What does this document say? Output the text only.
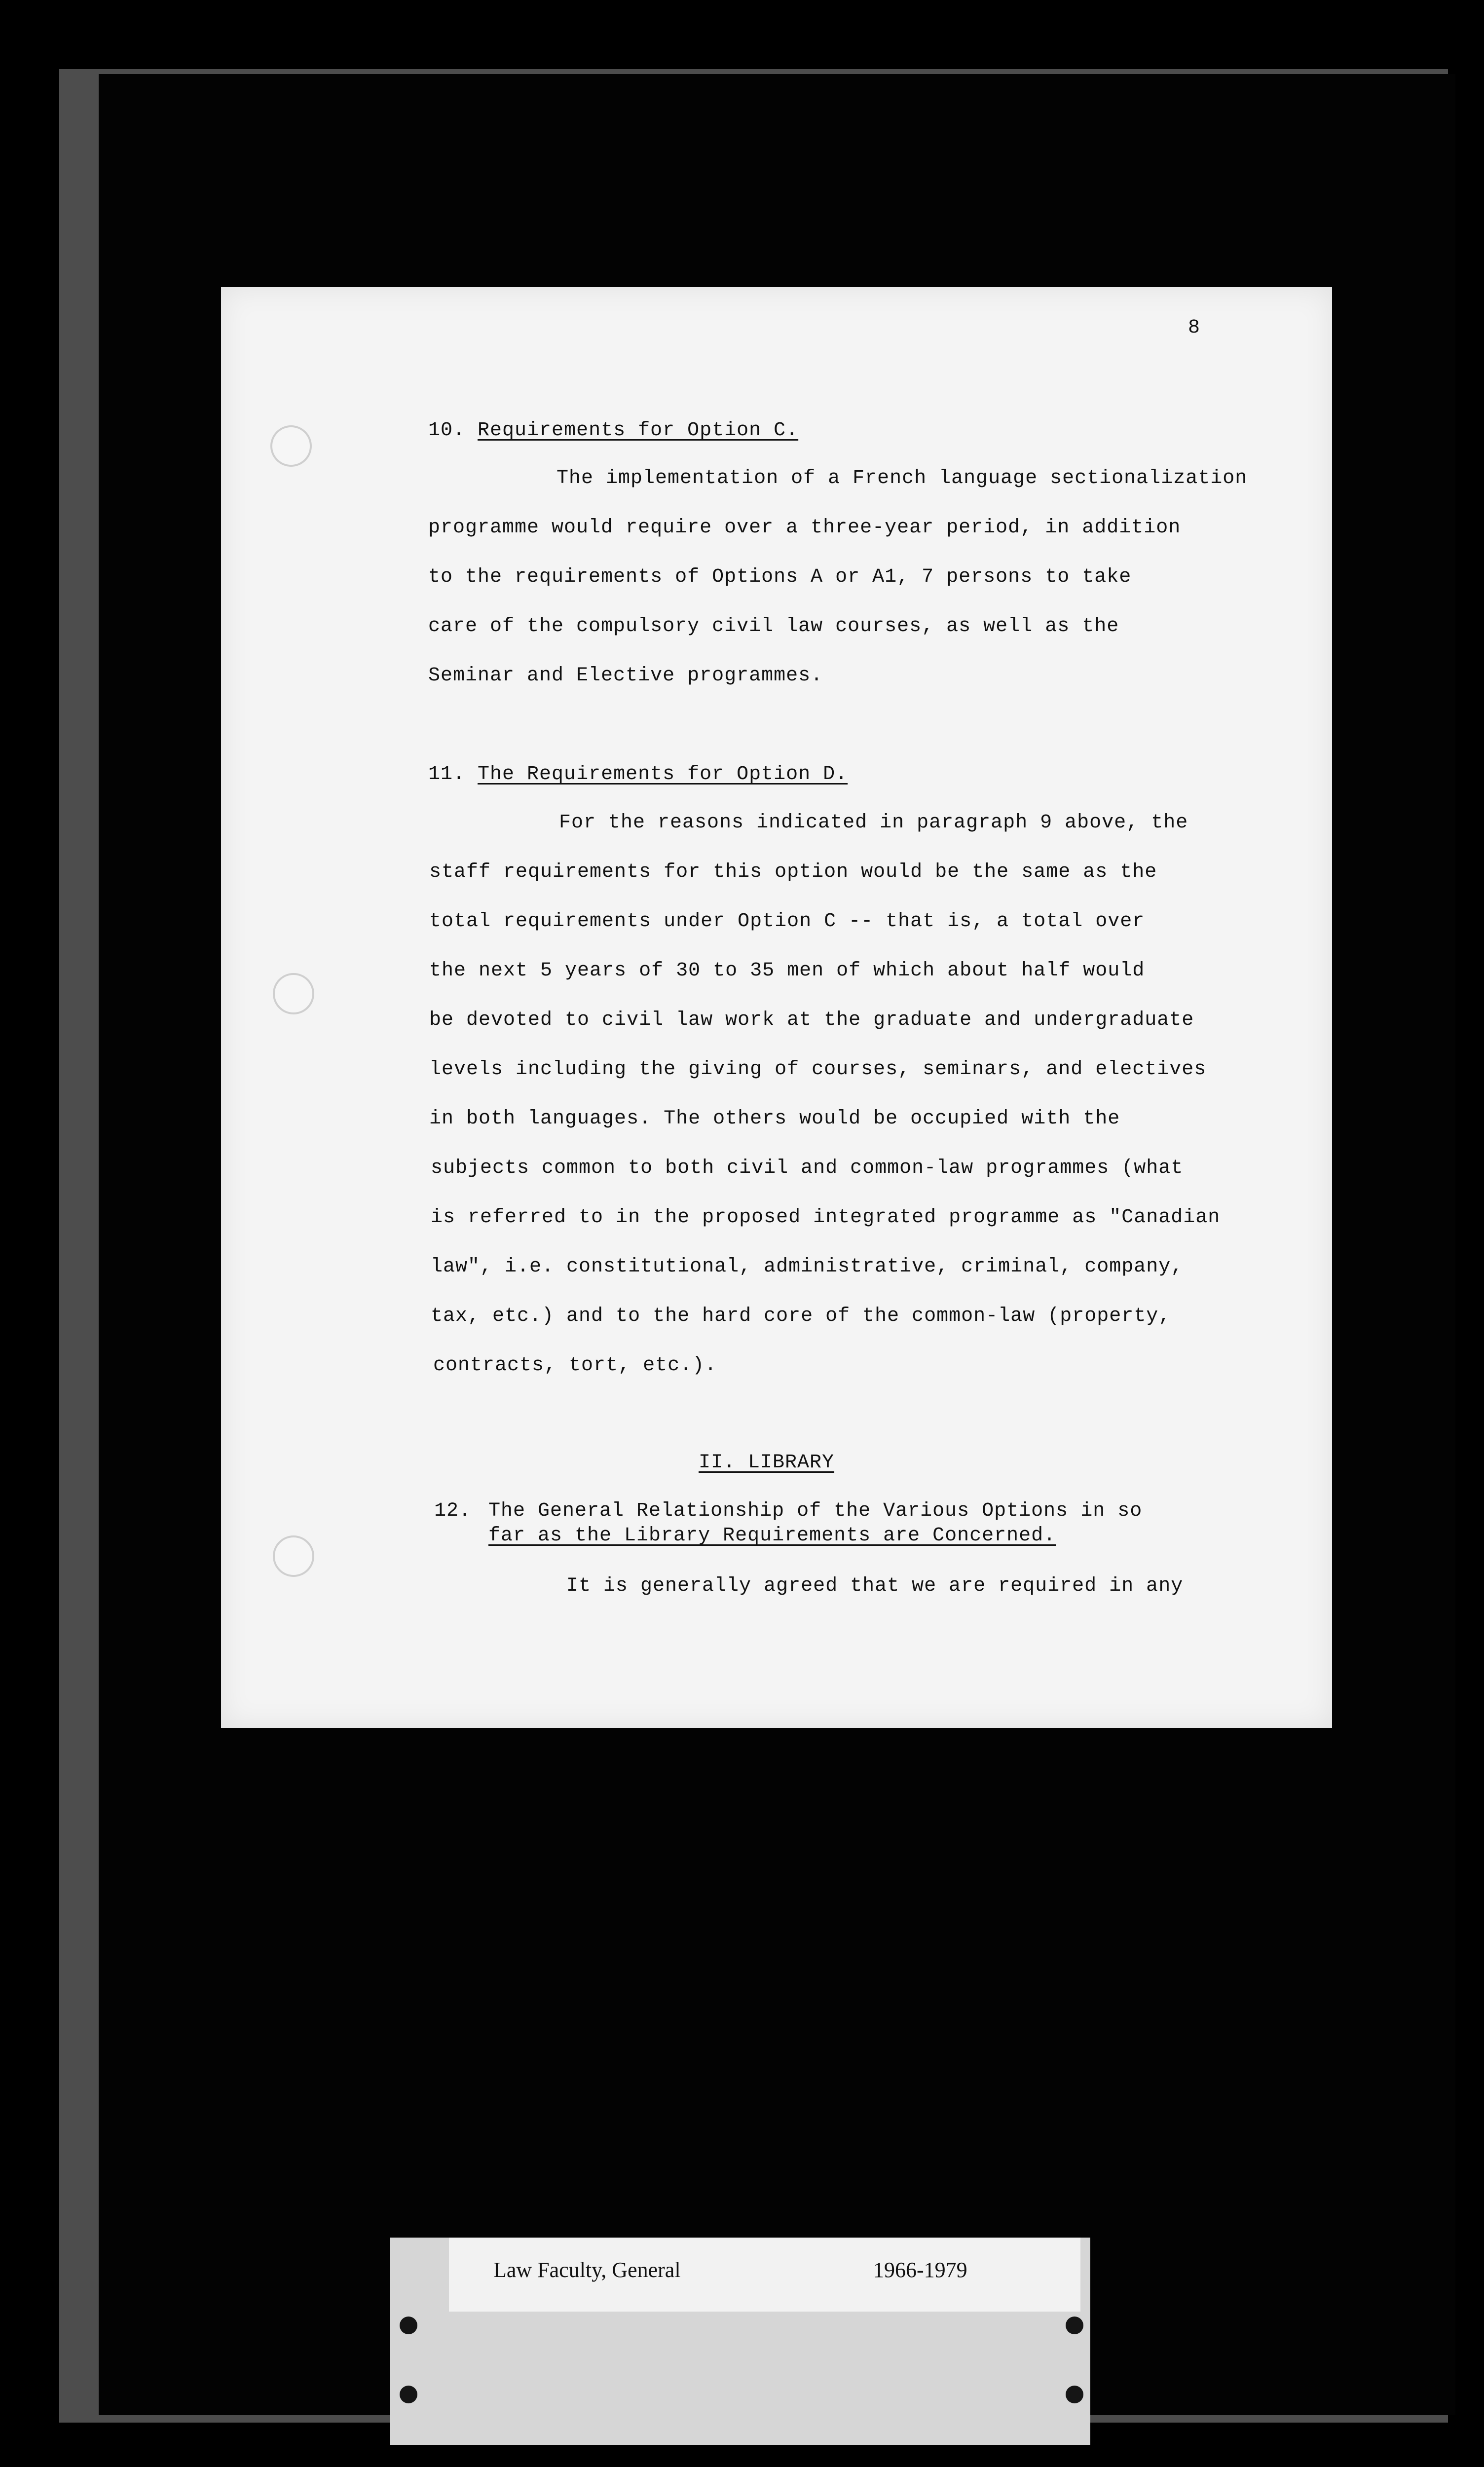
8
10. Requirements for Option C.
The implementation of a French language sectionalization
programme would require over a three-year period, in addition
to the requirements of Options A or A1, 7 persons to take
care of the compulsory civil law courses, as well as the
Seminar and Elective programmes.
11. The Requirements for Option D.
For the reasons indicated in paragraph 9 above, the
staff requirements for this option would be the same as the
total requirements under Option C -- that is, a total over
the next 5 years of 30 to 35 men of which about half would
be devoted to civil law work at the graduate and undergraduate
levels including the giving of courses, seminars, and electives
in both languages. The others would be occupied with the
subjects common to both civil and common-law programmes (what
is referred to in the proposed integrated programme as "Canadian
law", i.e. constitutional, administrative, criminal, company,
tax, etc.) and to the hard core of the common-law (property,
contracts, tort, etc.).
II. LIBRARY
12. The General Relationship of the Various Options in so
far as the Library Requirements are Concerned.
It is generally agreed that we are required in any
Law Faculty, General	1966-1979
